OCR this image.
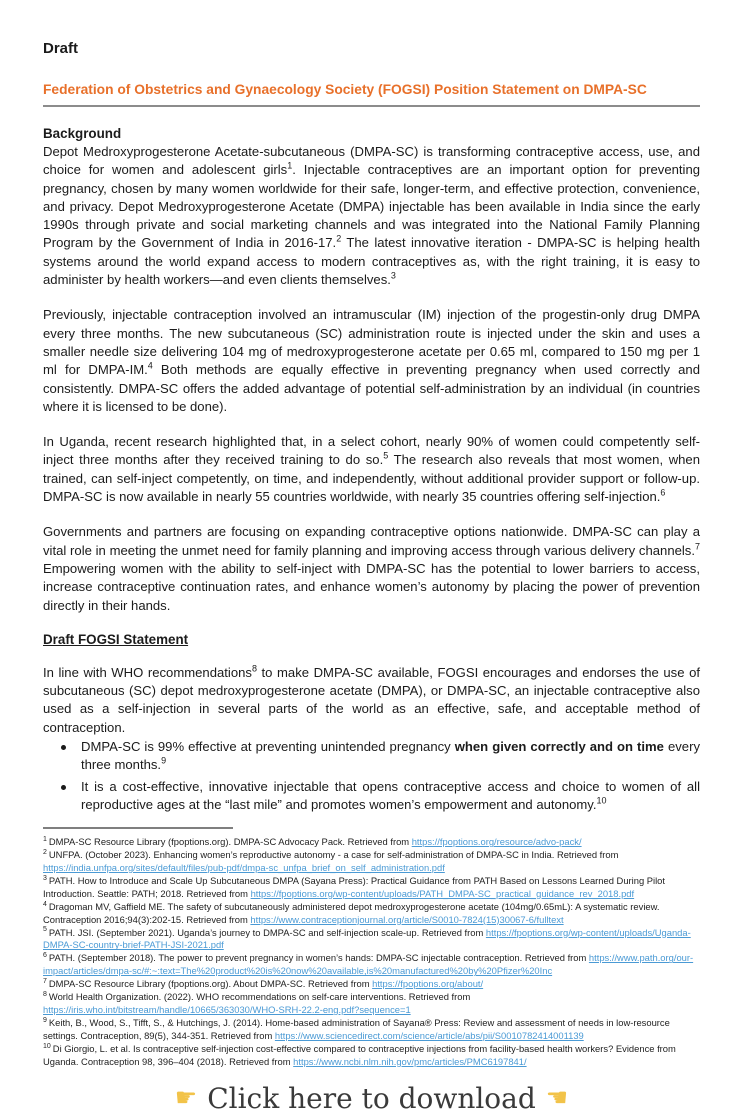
Draft
Federation of Obstetrics and Gynaecology Society (FOGSI) Position Statement on DMPA-SC
Background

Depot Medroxyprogesterone Acetate-subcutaneous (DMPA-SC) is transforming contraceptive access, use, and choice for women and adolescent girls$^1$. Injectable contraceptives are an important option for preventing pregnancy, chosen by many women worldwide for their safe, longer-term, and effective protection, convenience, and privacy. Depot Medroxyprogesterone Acetate (DMPA) injectable has been available in India since the early 1990s through private and social marketing channels and was integrated into the National Family Planning Program by the Government of India in 2016-17.$^2$ The latest innovative iteration - DMPA-SC is helping health systems around the world expand access to modern contraceptives as, with the right training, it is easy to administer by health workers—and even clients themselves.$^3$

Previously, injectable contraception involved an intramuscular (IM) injection of the progestin-only drug DMPA every three months. The new subcutaneous (SC) administration route is injected under the skin and uses a smaller needle size delivering 104 mg of medroxyprogesterone acetate per 0.65 ml, compared to 150 mg per 1 ml for DMPA-IM.$^4$ Both methods are equally effective in preventing pregnancy when used correctly and consistently. DMPA-SC offers the added advantage of potential self-administration by an individual (in countries where it is licensed to be done).

In Uganda, recent research highlighted that, in a select cohort, nearly 90% of women could competently self-inject three months after they received training to do so.$^5$ The research also reveals that most women, when trained, can self-inject competently, on time, and independently, without additional provider support or follow-up. DMPA-SC is now available in nearly 55 countries worldwide, with nearly 35 countries offering self-injection.$^6$

Governments and partners are focusing on expanding contraceptive options nationwide. DMPA-SC can play a vital role in meeting the unmet need for family planning and improving access through various delivery channels.$^7$ Empowering women with the ability to self-inject with DMPA-SC has the potential to lower barriers to access, increase contraceptive continuation rates, and enhance women’s autonomy by placing the power of prevention directly in their hands.

Draft FOGSI Statement

In line with WHO recommendations$^8$ to make DMPA-SC available, FOGSI encourages and endorses the use of subcutaneous (SC) depot medroxyprogesterone acetate (DMPA), or DMPA-SC, an injectable contraceptive also used as a self-injection in several parts of the world as an effective, safe, and acceptable method of contraception.

DMPA-SC is 99% effective at preventing unintended pregnancy when given correctly and on time every three months.$^9$
It is a cost-effective, innovative injectable that opens contraceptive access and choice to women of all reproductive ages at the “last mile” and promotes women’s empowerment and autonomy.$^{10}$
$^1$ DMPA-SC Resource Library (fpoptions.org). DMPA-SC Advocacy Pack. Retrieved from https://fpoptions.org/resource/advo-pack/
$^2$ UNFPA. (October 2023). Enhancing women’s reproductive autonomy - a case for self-administration of DMPA-SC in India. Retrieved from https://india.unfpa.org/sites/default/files/pub-pdf/dmpa-sc_unfpa_brief_on_self_administration.pdf
$^3$ PATH. How to Introduce and Scale Up Subcutaneous DMPA (Sayana Press): Practical Guidance from PATH Based on Lessons Learned During Pilot Introduction. Seattle: PATH; 2018. Retrieved from https://fpoptions.org/wp-content/uploads/PATH_DMPA-SC_practical_guidance_rev_2018.pdf
$^4$ Dragoman MV, Gaffield ME. The safety of subcutaneously administered depot medroxyprogesterone acetate (104mg/0.65mL): A systematic review. Contraception 2016;94(3):202-15. Retrieved from https://www.contraceptionjournal.org/article/S0010-7824(15)30067-6/fulltext
$^5$ PATH. JSI. (September 2021). Uganda’s journey to DMPA-SC and self-injection scale-up. Retrieved from https://fpoptions.org/wp-content/uploads/Uganda-DMPA-SC-country-brief-PATH-JSI-2021.pdf
$^6$ PATH. (September 2018). The power to prevent pregnancy in women’s hands: DMPA-SC injectable contraception. Retrieved from https://www.path.org/our-impact/articles/dmpa-sc/#:~:text=The%20product%20is%20now%20available,is%20manufactured%20by%20Pfizer%20Inc
$^7$ DMPA-SC Resource Library (fpoptions.org). About DMPA-SC. Retrieved from https://fpoptions.org/about/
$^8$ World Health Organization. (2022). WHO recommendations on self-care interventions. Retrieved from https://iris.who.int/bitstream/handle/10665/363030/WHO-SRH-22.2-eng.pdf?sequence=1
$^9$ Keith, B., Wood, S., Tifft, S., & Hutchings, J. (2014). Home-based administration of Sayana® Press: Review and assessment of needs in low-resource settings. Contraception, 89(5), 344-351. Retrieved from https://www.sciencedirect.com/science/article/abs/pii/S0010782414001139
$^{10}$ Di Giorgio, L. et al. Is contraceptive self-injection cost-effective compared to contraceptive injections from facility-based health workers? Evidence from Uganda. Contraception 98, 396–404 (2018). Retrieved from https://www.ncbi.nlm.nih.gov/pmc/articles/PMC6197841/
☛ Click here to download ☚
